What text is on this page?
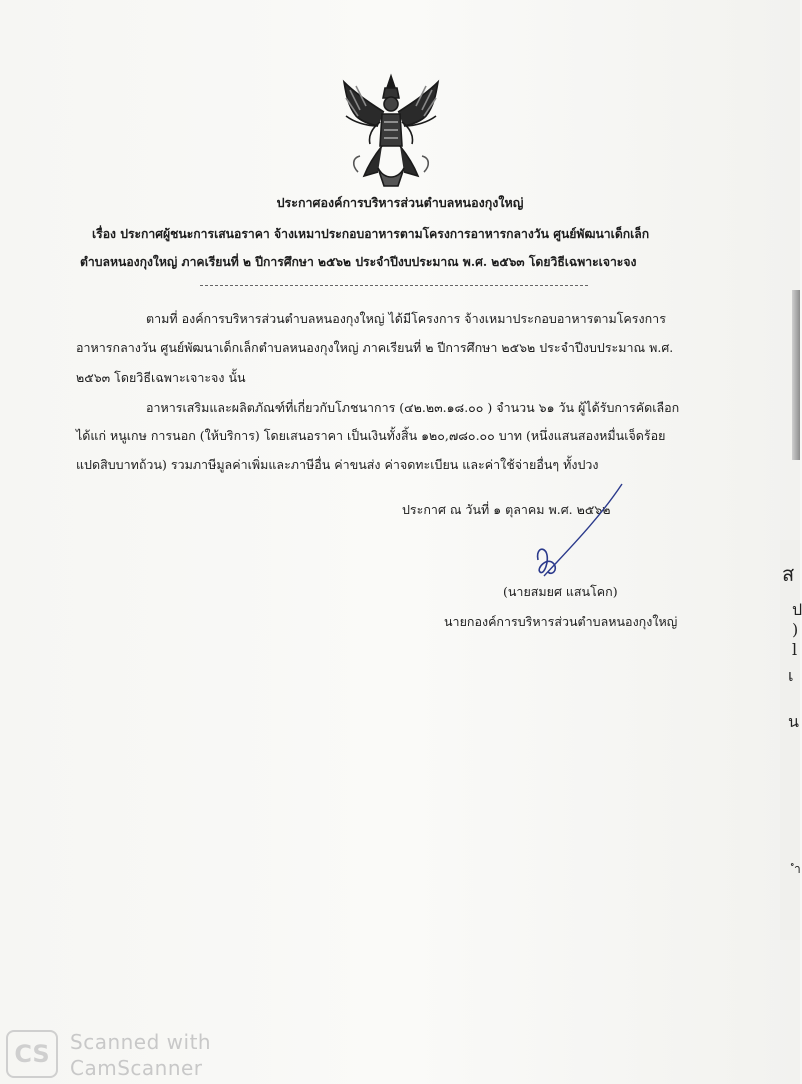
ประกาศองค์การบริหารส่วนตำบลหนองกุงใหญ่
เรื่อง ประกาศผู้ชนะการเสนอราคา จ้างเหมาประกอบอาหารตามโครงการอาหารกลางวัน ศูนย์พัฒนาเด็กเล็ก
ตำบลหนองกุงใหญ่ ภาคเรียนที่ ๒ ปีการศึกษา ๒๕๖๒ ประจำปีงบประมาณ พ.ศ. ๒๕๖๓ โดยวิธีเฉพาะเจาะจง
ตามที่ องค์การบริหารส่วนตำบลหนองกุงใหญ่ ได้มีโครงการ จ้างเหมาประกอบอาหารตามโครงการ
อาหารกลางวัน ศูนย์พัฒนาเด็กเล็กตำบลหนองกุงใหญ่ ภาคเรียนที่ ๒ ปีการศึกษา ๒๕๖๒ ประจำปีงบประมาณ พ.ศ.
๒๕๖๓ โดยวิธีเฉพาะเจาะจง นั้น
อาหารเสริมและผลิตภัณฑ์ที่เกี่ยวกับโภชนาการ (๔๒.๒๓.๑๘.๐๐ ) จำนวน ๖๑ วัน ผู้ได้รับการคัดเลือก
ได้แก่ หนูเกษ การนอก (ให้บริการ) โดยเสนอราคา เป็นเงินทั้งสิ้น ๑๒๐,๗๘๐.๐๐ บาท (หนึ่งแสนสองหมื่นเจ็ดร้อย
แปดสิบบาทถ้วน) รวมภาษีมูลค่าเพิ่มและภาษีอื่น ค่าขนส่ง ค่าจดทะเบียน และค่าใช้จ่ายอื่นๆ ทั้งปวง
ประกาศ ณ วันที่ ๑ ตุลาคม พ.ศ. ๒๕๖๒
(นายสมยศ แสนโคก)
นายกองค์การบริหารส่วนตำบลหนองกุงใหญ่
ส
ป
)
l
เ
น
ำ
CS	Scanned with
CamScanner
